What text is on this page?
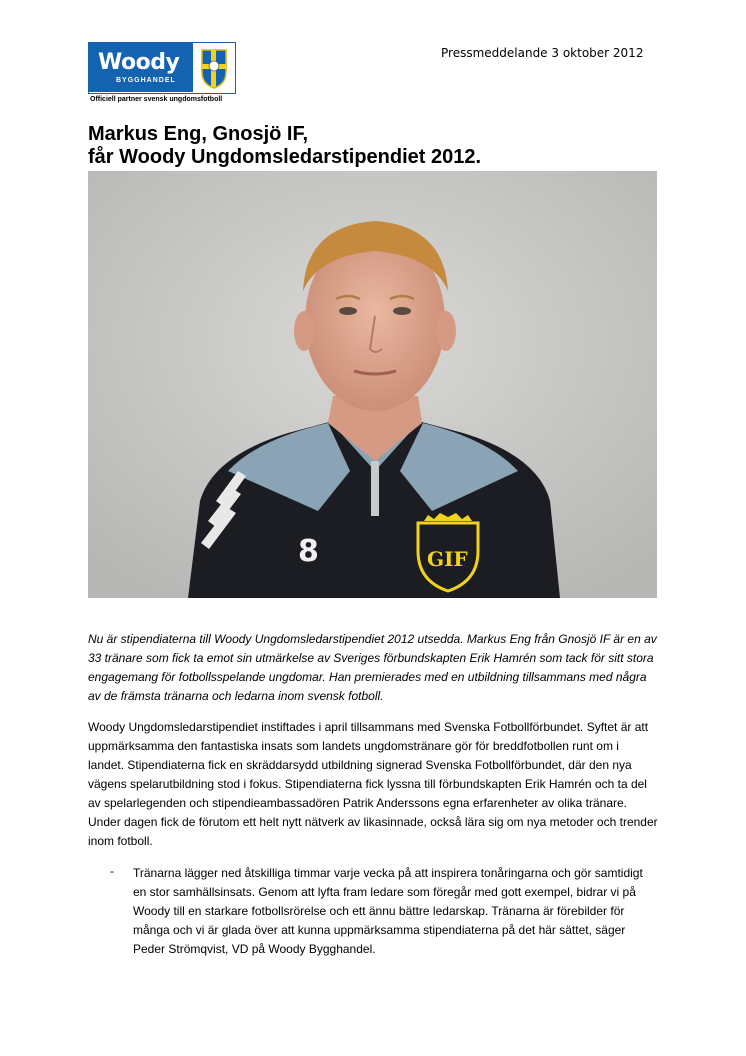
Woody
BYGGHANDEL
Officiell partner svensk ungdomsfotboll
Pressmeddelande 3 oktober 2012
Markus Eng, Gnosjö IF,
får Woody Ungdomsledarstipendiet 2012.
8	GIF

Nu är stipendiaterna till Woody Ungdomsledarstipendiet 2012 utsedda. Markus Eng från Gnosjö IF är en av 33 tränare som fick ta emot sin utmärkelse av Sveriges förbundskapten Erik Hamrén som tack för sitt stora engagemang för fotbollsspelande ungdomar. Han premierades med en utbildning tillsammans med några av de främsta tränarna och ledarna inom svensk fotboll.

Woody Ungdomsledarstipendiet instiftades i april tillsammans med Svenska Fotbollförbundet. Syftet är att uppmärksamma den fantastiska insats som landets ungdomstränare gör för breddfotbollen runt om i landet. Stipendiaterna fick en skräddarsydd utbildning signerad Svenska Fotbollförbundet, där den nya vägens spelarutbildning stod i fokus. Stipendiaterna fick lyssna till förbundskapten Erik Hamrén och ta del av spelarlegenden och stipendieambassadören Patrik Anderssons egna erfarenheter av olika tränare. Under dagen fick de förutom ett helt nytt nätverk av likasinnade, också lära sig om nya metoder och trender inom fotboll.

- Tränarna lägger ned åtskilliga timmar varje vecka på att inspirera tonåringarna och gör samtidigt en stor samhällsinsats. Genom att lyfta fram ledare som föregår med gott exempel, bidrar vi på Woody till en starkare fotbollsrörelse och ett ännu bättre ledarskap. Tränarna är förebilder för många och vi är glada över att kunna uppmärksamma stipendiaterna på det här sättet, säger Peder Strömqvist, VD på Woody Bygghandel.
